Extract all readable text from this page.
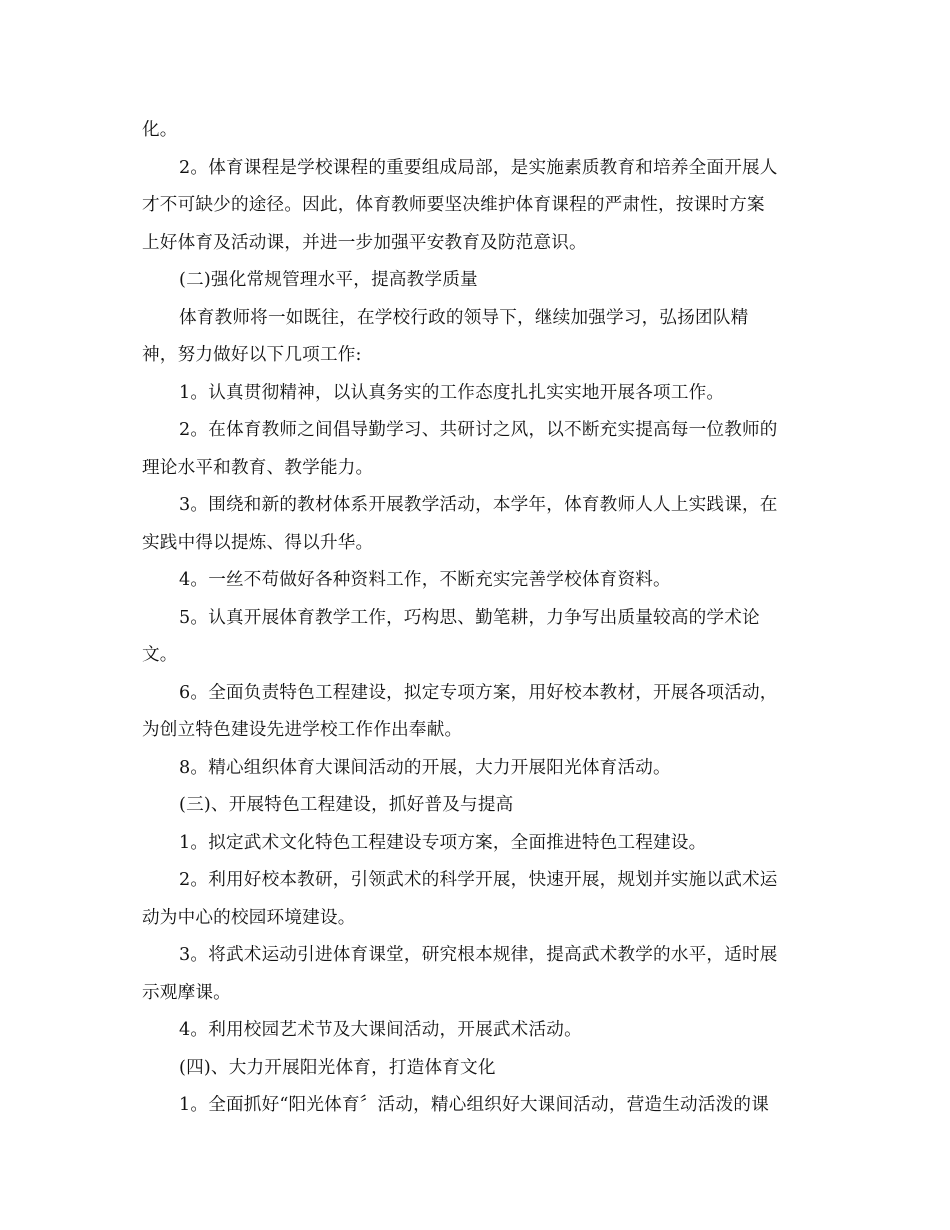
化。
2。体育课程是学校课程的重要组成局部，是实施素质教育和培养全面开展人
才不可缺少的途径。因此，体育教师要坚决维护体育课程的严肃性，按课时方案
上好体育及活动课，并进一步加强平安教育及防范意识。
(二)强化常规管理水平，提高教学质量
体育教师将一如既往，在学校行政的领导下，继续加强学习，弘扬团队精
神，努力做好以下几项工作:
1。认真贯彻精神，以认真务实的工作态度扎扎实实地开展各项工作。
2。在体育教师之间倡导勤学习、共研讨之风，以不断充实提高每一位教师的
理论水平和教育、教学能力。
3。围绕和新的教材体系开展教学活动，本学年，体育教师人人上实践课，在
实践中得以提炼、得以升华。
4。一丝不苟做好各种资料工作，不断充实完善学校体育资料。
5。认真开展体育教学工作，巧构思、勤笔耕，力争写出质量较高的学术论
文。
6。全面负责特色工程建设，拟定专项方案，用好校本教材，开展各项活动，
为创立特色建设先进学校工作作出奉献。
8。精心组织体育大课间活动的开展，大力开展阳光体育活动。
(三)、开展特色工程建设，抓好普及与提高
1。拟定武术文化特色工程建设专项方案，全面推进特色工程建设。
2。利用好校本教研，引领武术的科学开展，快速开展，规划并实施以武术运
动为中心的校园环境建设。
3。将武术运动引进体育课堂，研究根本规律，提高武术教学的水平，适时展
示观摩课。
4。利用校园艺术节及大课间活动，开展武术活动。
(四)、大力开展阳光体育，打造体育文化
1。全面抓好“阳光体育〞活动，精心组织好大课间活动，营造生动活泼的课
